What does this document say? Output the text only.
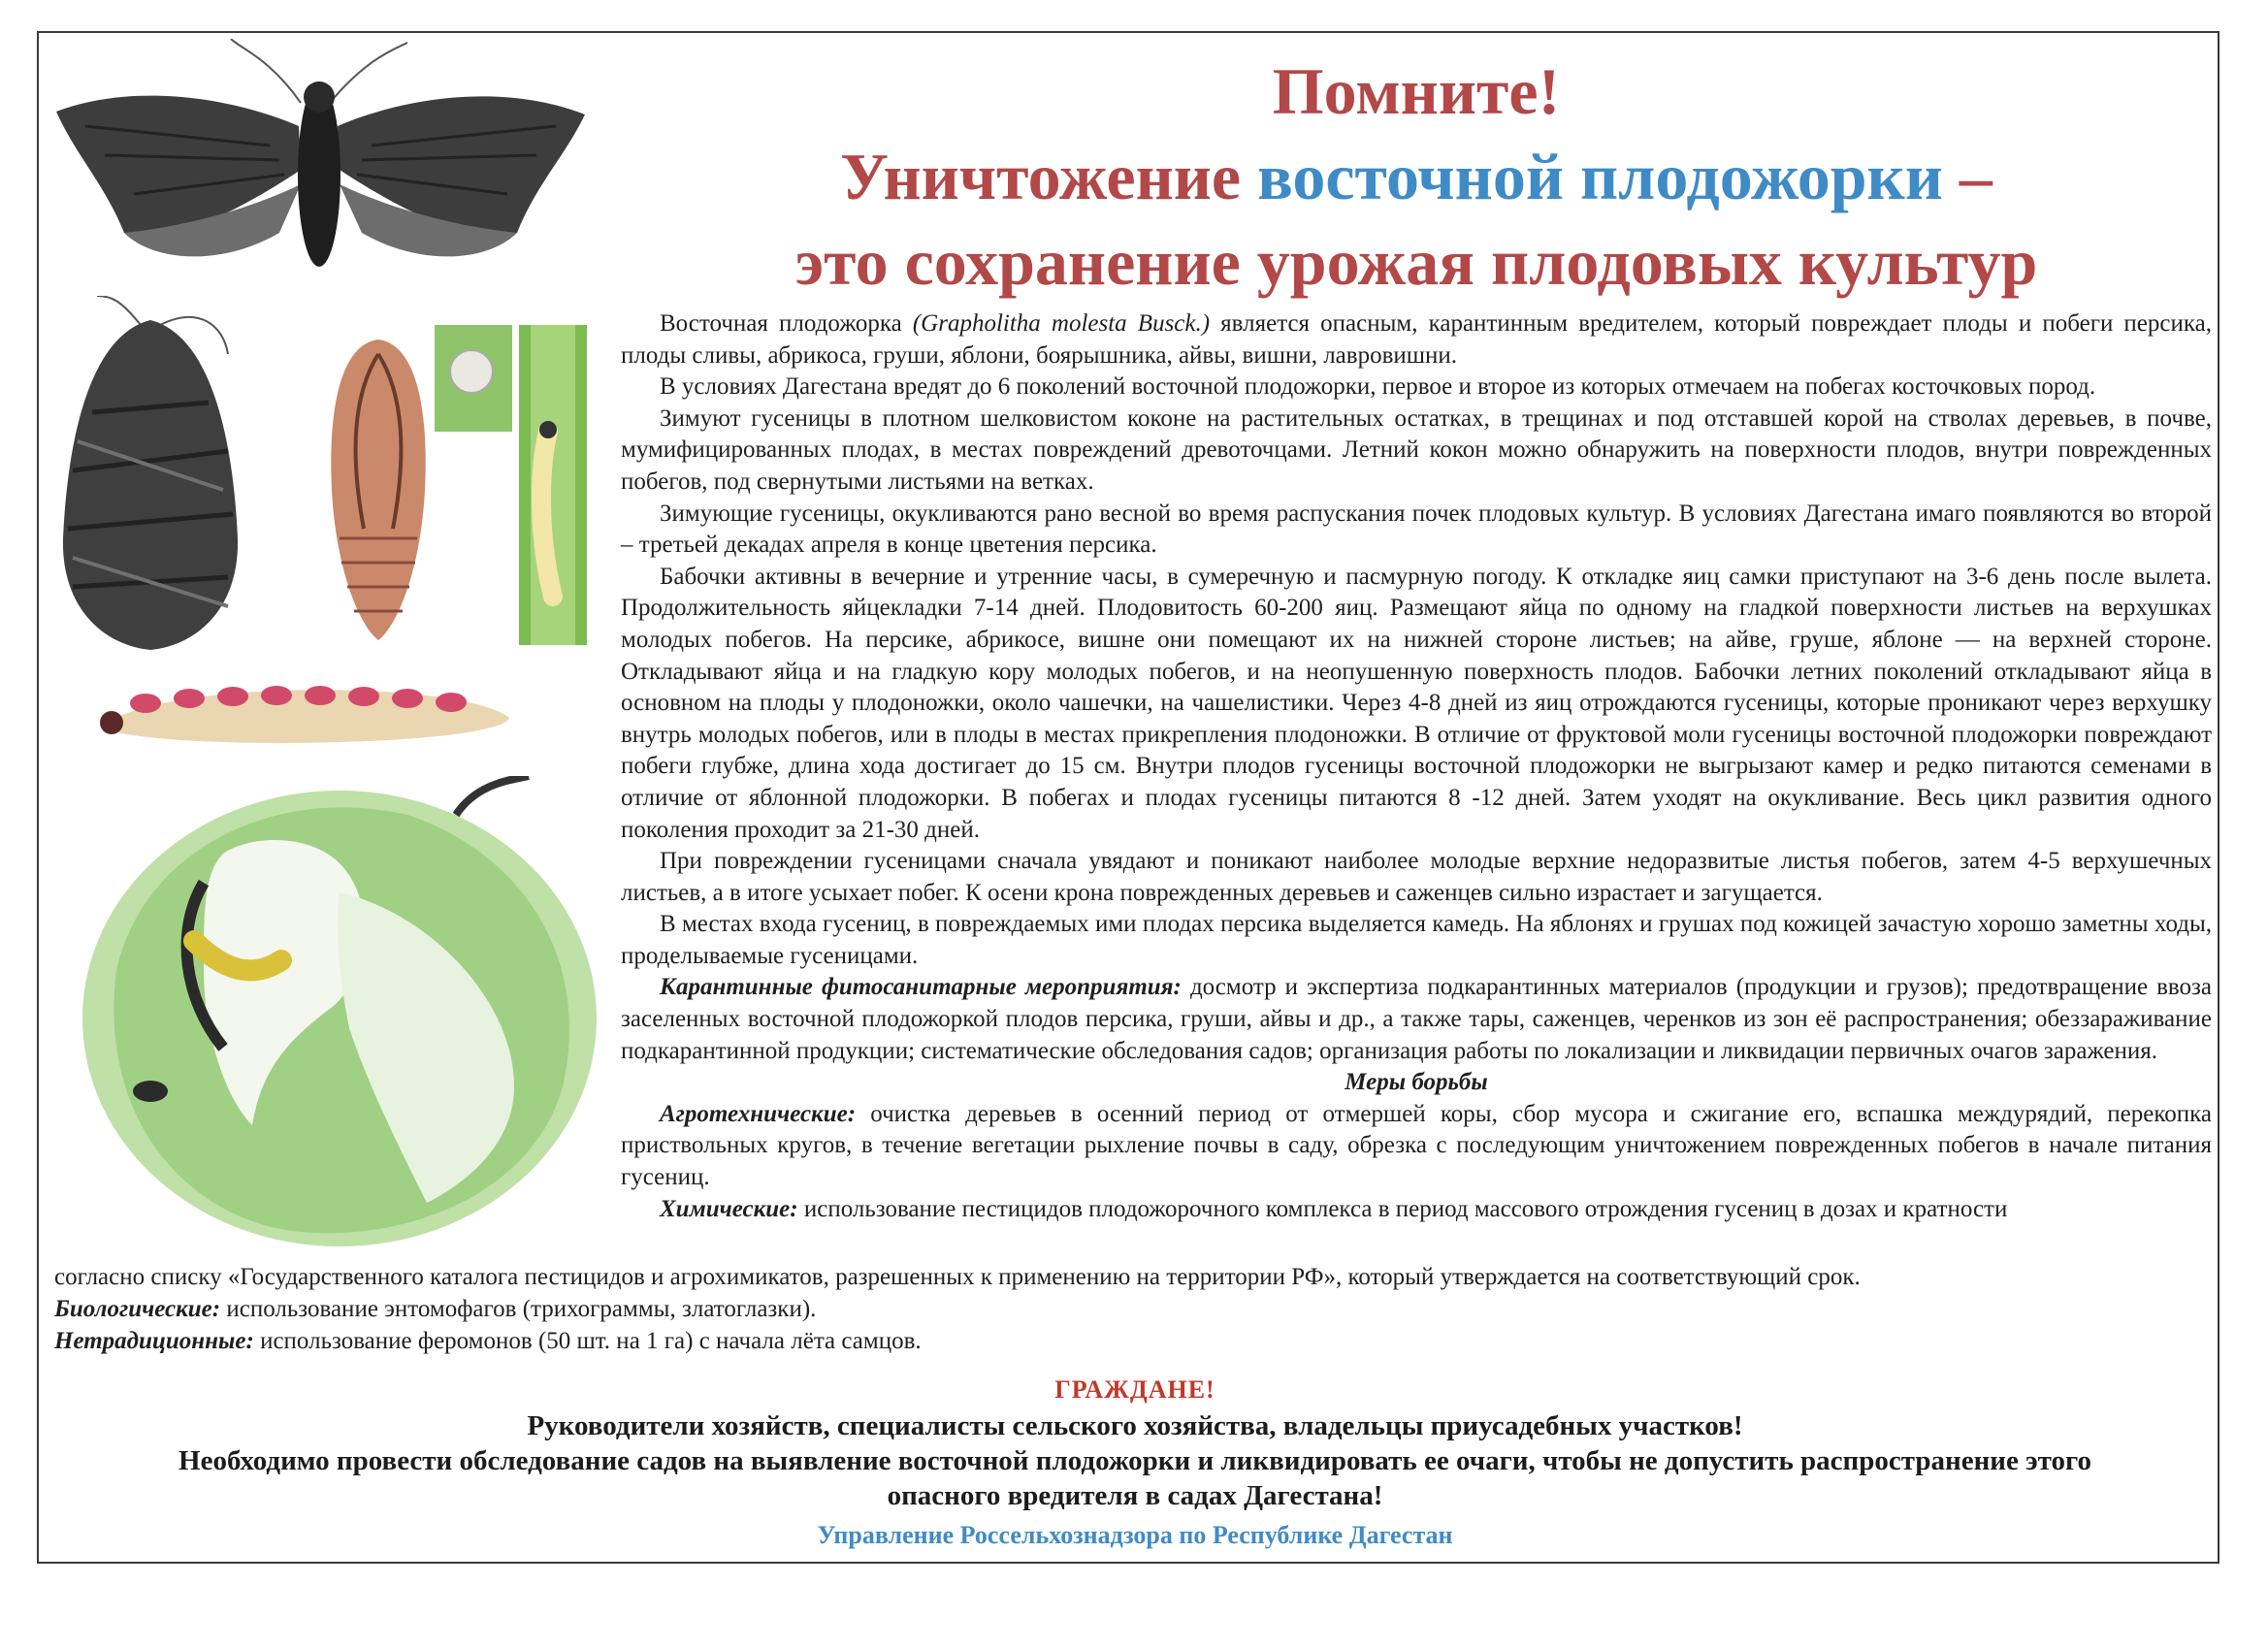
Помните!
Уничтожение восточной плодожорки –
это сохранение урожая плодовых культур

Восточная плодожорка (Grapholitha molesta Busck.) является опасным, карантинным вредителем, который повреждает плоды и побеги персика, плоды сливы, абрикоса, груши, яблони, боярышника, айвы, вишни, лавровишни.

В условиях Дагестана вредят до 6 поколений восточной плодожорки, первое и второе из которых отмечаем на побегах косточковых пород.

Зимуют гусеницы в плотном шелковистом коконе на растительных остатках, в трещинах и под отставшей корой на стволах деревьев, в почве, мумифицированных плодах, в местах повреждений древоточцами. Летний кокон можно обнаружить на поверхности плодов, внутри поврежденных побегов, под свернутыми листьями на ветках.

Зимующие гусеницы, окукливаются рано весной во время распускания почек плодовых культур. В условиях Дагестана имаго появляются во второй – третьей декадах апреля в конце цветения персика.

Бабочки активны в вечерние и утренние часы, в сумеречную и пасмурную погоду. К откладке яиц самки приступают на 3-6 день после вылета. Продолжительность яйцекладки 7-14 дней. Плодовитость 60-200 яиц. Размещают яйца по одному на гладкой поверхности листьев на верхушках молодых побегов. На персике, абрикосе, вишне они помещают их на нижней стороне листьев; на айве, груше, яблоне — на верхней стороне. Откладывают яйца и на гладкую кору молодых побегов, и на неопушенную поверхность плодов. Бабочки летних поколений откладывают яйца в основном на плоды у плодоножки, около чашечки, на чашелистики. Через 4-8 дней из яиц отрождаются гусеницы, которые проникают через верхушку внутрь молодых побегов, или в плоды в местах прикрепления плодоножки. В отличие от фруктовой моли гусеницы восточной плодожорки повреждают побеги глубже, длина хода достигает до 15 см. Внутри плодов гусеницы восточной плодожорки не выгрызают камер и редко питаются семенами в отличие от яблонной плодожорки. В побегах и плодах гусеницы питаются 8 -12 дней. Затем уходят на окукливание. Весь цикл развития одного поколения проходит за 21-30 дней.

При повреждении гусеницами сначала увядают и поникают наиболее молодые верхние недоразвитые листья побегов, затем 4-5 верхушечных листьев, а в итоге усыхает побег. К осени крона поврежденных деревьев и саженцев сильно израстает и загущается.

В местах входа гусениц, в повреждаемых ими плодах персика выделяется камедь. На яблонях и грушах под кожицей зачастую хорошо заметны ходы, проделываемые гусеницами.

Карантинные фитосанитарные мероприятия: досмотр и экспертиза подкарантинных материалов (продукции и грузов); предотвращение ввоза заселенных восточной плодожоркой плодов персика, груши, айвы и др., а также тары, саженцев, черенков из зон её распространения; обеззараживание подкарантинной продукции; систематические обследования садов; организация работы по локализации и ликвидации первичных очагов заражения.

Меры борьбы

Агротехнические: очистка деревьев в осенний период от отмершей коры, сбор мусора и сжигание его, вспашка междурядий, перекопка приствольных кругов, в течение вегетации рыхление почвы в саду, обрезка с последующим уничтожением поврежденных побегов в начале питания гусениц.

Химические: использование пестицидов плодожорочного комплекса в период массового отрождения гусениц в дозах и кратности

согласно списку «Государственного каталога пестицидов и агрохимикатов, разрешенных к применению на территории РФ», который утверждается на соответствующий срок.

Биологические: использование энтомофагов (трихограммы, златоглазки).

Нетрадиционные: использование феромонов (50 шт. на 1 га) с начала лёта самцов.

ГРАЖДАНЕ!
Руководители хозяйств, специалисты сельского хозяйства, владельцы приусадебных участков!
Необходимо провести обследование садов на выявление восточной плодожорки и ликвидировать ее очаги, чтобы не допустить распространение этого опасного вредителя в садах Дагестана!
Управление Россельхознадзора по Республике Дагестан
